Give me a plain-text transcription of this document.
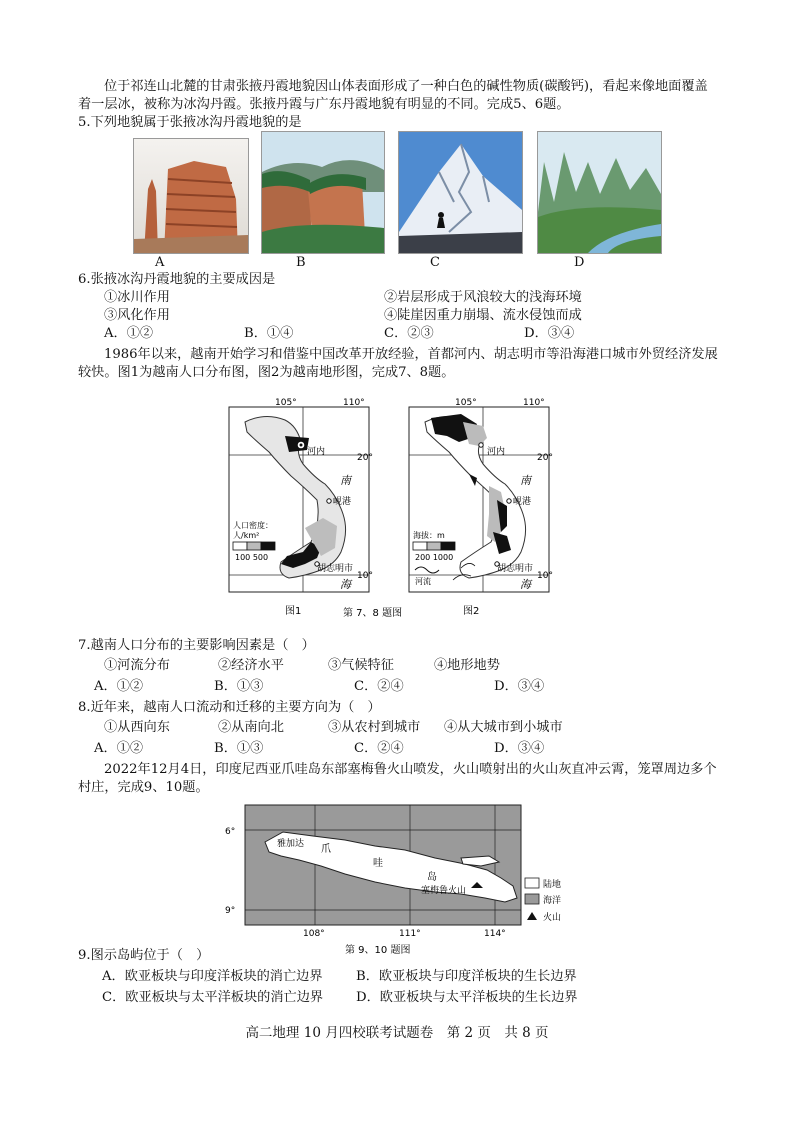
位于祁连山北麓的甘肃张掖丹霞地貌因山体表面形成了一种白色的碱性物质(碳酸钙)，看起来像地面覆盖着一层冰，被称为冰沟丹霞。张掖丹霞与广东丹霞地貌有明显的不同。完成5、6题。
5.下列地貌属于张掖冰沟丹霞地貌的是
A	B	C	D
6.张掖冰沟丹霞地貌的主要成因是
①冰川作用	②岩层形成于风浪较大的浅海环境
③风化作用	④陡崖因重力崩塌、流水侵蚀而成
A．①②	B．①④	C．②③	D．③④
1986年以来，越南开始学习和借鉴中国改革开放经验，首都河内、胡志明市等沿海港口城市外贸经济发展较快。图1为越南人口分布图，图2为越南地形图，完成7、8题。
105°	110°
20°
10°
河内
岘港
胡志明市
南
海
人口密度：
人/km²
100 500
105°	110°
20°
10°
河内
岘港
胡志明市
南
海
海拔：m
200 1000
河流
图1	第 7、8 题图	图2
7.越南人口分布的主要影响因素是（　）
①河流分布	②经济水平	③气候特征	④地形地势
A．①②	B．①③	C．②④	D．③④
8.近年来，越南人口流动和迁移的主要方向为（　）
①从西向东	②从南向北	③从农村到城市 ④从大城市到小城市
A．①②	B．①③	C．②④	D．③④
2022年12月4日，印度尼西亚爪哇岛东部塞梅鲁火山喷发，火山喷射出的火山灰直冲云霄，笼罩周边多个村庄，完成9、10题。
6°
9°
108°	111°	114°
雅加达 爪
哇
岛
塞梅鲁火山
陆地
海洋
火山
第 9、10 题图
9.图示岛屿位于（　）
A．欧亚板块与印度洋板块的消亡边界	B．欧亚板块与印度洋板块的生长边界
C．欧亚板块与太平洋板块的消亡边界 D．欧亚板块与太平洋板块的生长边界
高二地理 10 月四校联考试题卷　第 2 页　共 8 页
